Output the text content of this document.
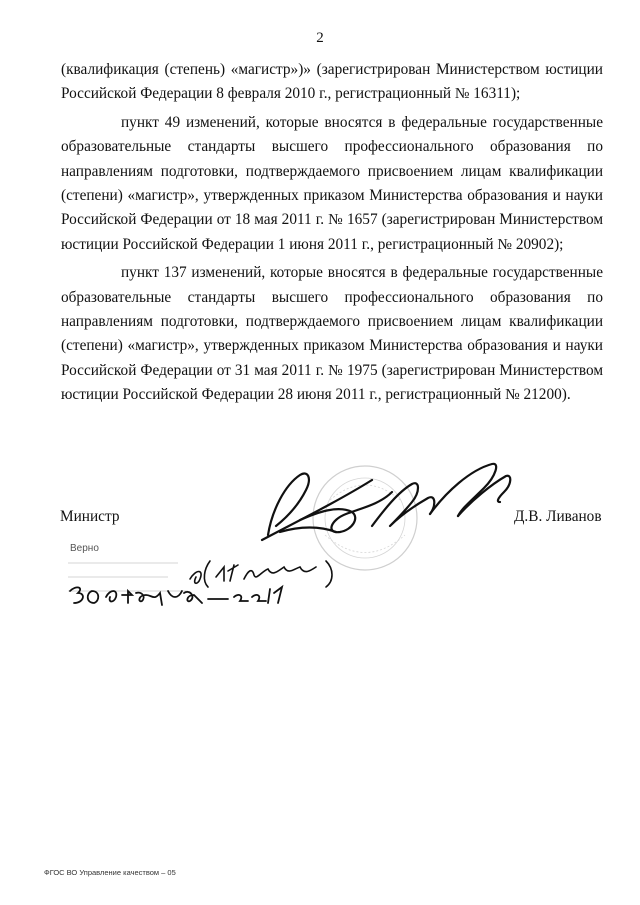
2

(квалификация (степень) «магистр»)» (зарегистрирован Министерством юстиции Российской Федерации 8 февраля 2010 г., регистрационный № 16311);

пункт 49 изменений, которые вносятся в федеральные государственные образовательные стандарты высшего профессионального образования по направлениям подготовки, подтверждаемого присвоением лицам квалификации (степени) «магистр», утвержденных приказом Министерства образования и науки Российской Федерации от 18 мая 2011 г. № 1657 (зарегистрирован Министерством юстиции Российской Федерации 1 июня 2011 г., регистрационный № 20902);

пункт 137 изменений, которые вносятся в федеральные государственные образовательные стандарты высшего профессионального образования по направлениям подготовки, подтверждаемого присвоением лицам квалификации (степени) «магистр», утвержденных приказом Министерства образования и науки Российской Федерации от 31 мая 2011 г. № 1975 (зарегистрирован Министерством юстиции Российской Федерации 28 июня 2011 г., регистрационный № 21200).

Министр	Д.В. Ливанов
Верно
ФГОС ВО Управление качеством – 05
